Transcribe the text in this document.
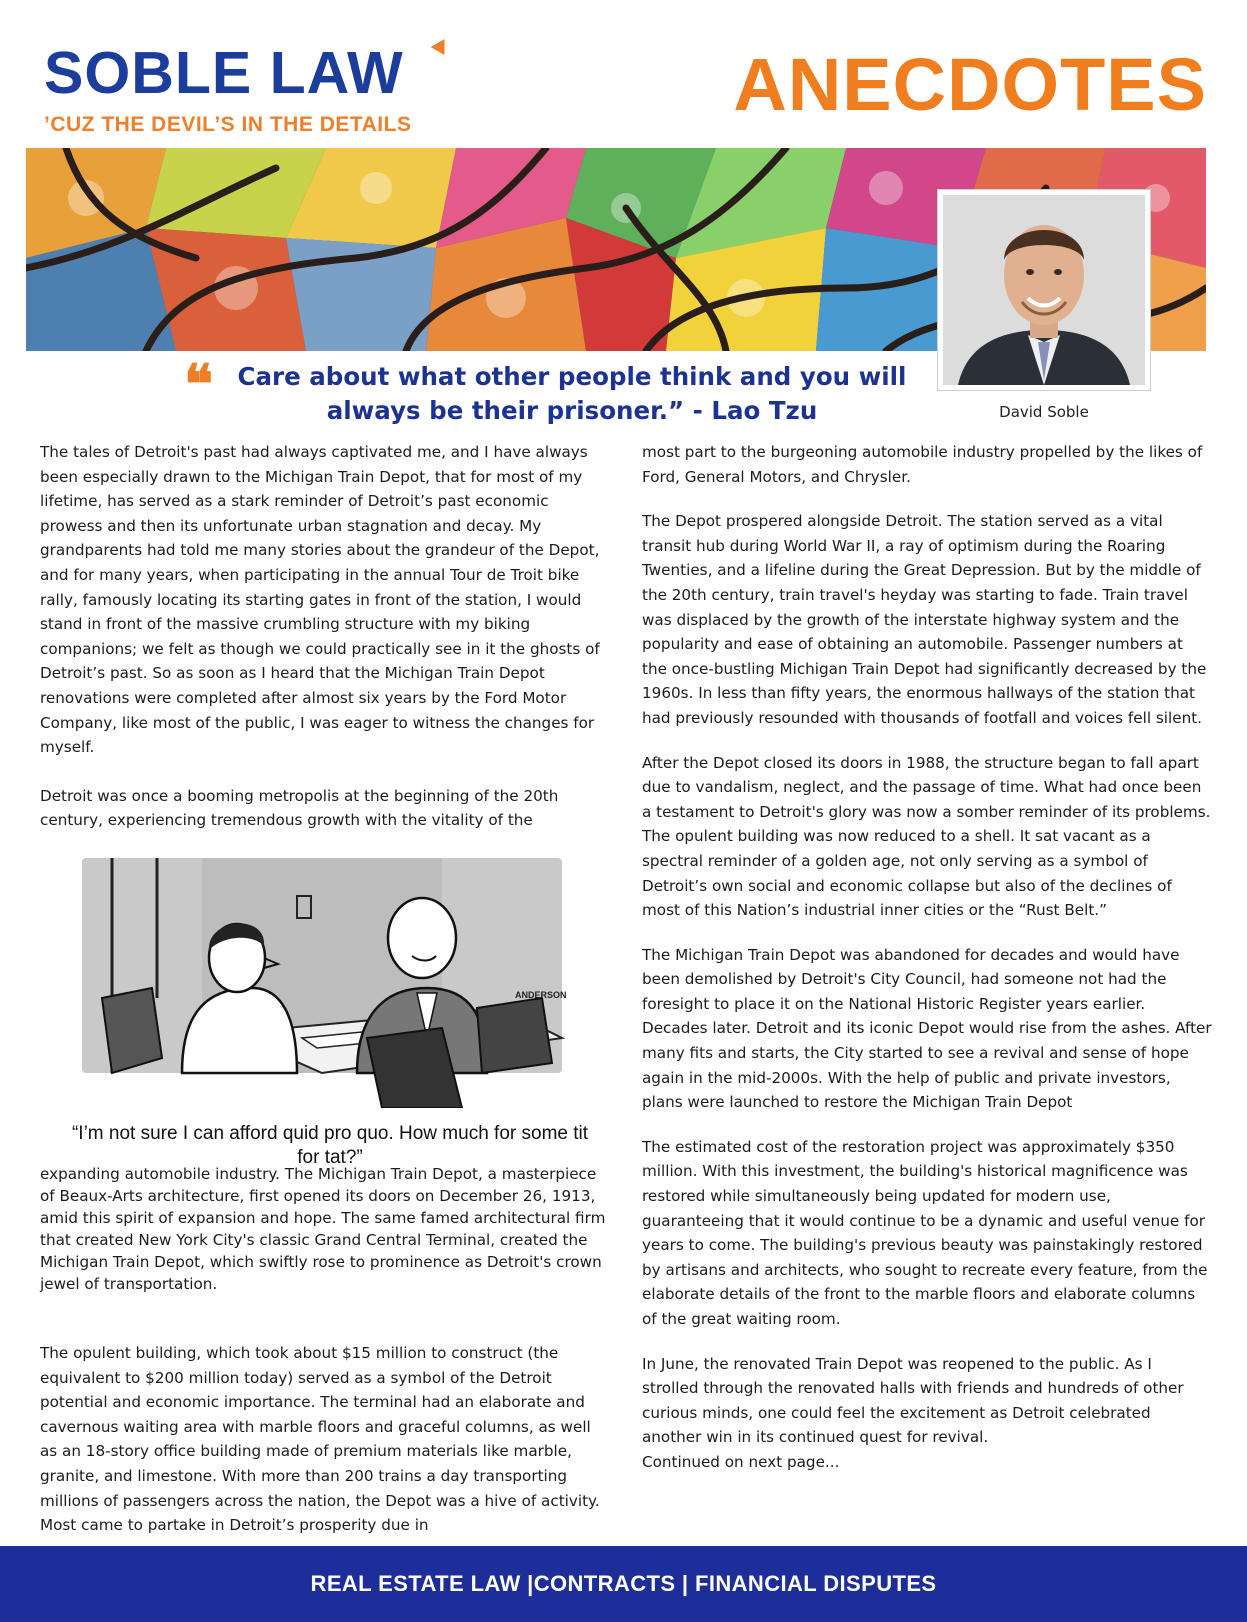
SOBLE LAW
’CUZ THE DEVIL’S IN THE DETAILS	ANECDOTES
David Soble
❝ Care about what other people think and you will
always be their prisoner.” - Lao Tzu

The tales of Detroit's past had always captivated me, and I have always been especially drawn to the Michigan Train Depot, that for most of my lifetime, has served as a stark reminder of Detroit’s past economic prowess and then its unfortunate urban stagnation and decay. My grandparents had told me many stories about the grandeur of the Depot, and for many years, when participating in the annual Tour de Troit bike rally, famously locating its starting gates in front of the station, I would stand in front of the massive crumbling structure with my biking companions; we felt as though we could practically see in it the ghosts of Detroit’s past. So as soon as I heard that the Michigan Train Depot renovations were completed after almost six years by the Ford Motor Company, like most of the public, I was eager to witness the changes for myself.

Detroit was once a booming metropolis at the beginning of the 20th century, experiencing tremendous growth with the vitality of the

ANDERSON
“I’m not sure I can afford quid pro quo. How much for some tit for tat?”

expanding automobile industry. The Michigan Train Depot, a masterpiece of Beaux-Arts architecture, first opened its doors on December 26, 1913, amid this spirit of expansion and hope. The same famed architectural firm that created New York City's classic Grand Central Terminal, created the Michigan Train Depot, which swiftly rose to prominence as Detroit's crown jewel of transportation.

The opulent building, which took about $15 million to construct (the equivalent to $200 million today) served as a symbol of the Detroit potential and economic importance. The terminal had an elaborate and cavernous waiting area with marble floors and graceful columns, as well as an 18-story office building made of premium materials like marble, granite, and limestone. With more than 200 trains a day transporting millions of passengers across the nation, the Depot was a hive of activity. Most came to partake in Detroit’s prosperity due in

most part to the burgeoning automobile industry propelled by the likes of Ford, General Motors, and Chrysler.

The Depot prospered alongside Detroit. The station served as a vital transit hub during World War II, a ray of optimism during the Roaring Twenties, and a lifeline during the Great Depression. But by the middle of the 20th century, train travel's heyday was starting to fade. Train travel was displaced by the growth of the interstate highway system and the popularity and ease of obtaining an automobile. Passenger numbers at the once-bustling Michigan Train Depot had significantly decreased by the 1960s. In less than fifty years, the enormous hallways of the station that had previously resounded with thousands of footfall and voices fell silent.

After the Depot closed its doors in 1988, the structure began to fall apart due to vandalism, neglect, and the passage of time. What had once been a testament to Detroit's glory was now a somber reminder of its problems. The opulent building was now reduced to a shell. It sat vacant as a spectral reminder of a golden age, not only serving as a symbol of Detroit’s own social and economic collapse but also of the declines of most of this Nation’s industrial inner cities or the “Rust Belt.”

The Michigan Train Depot was abandoned for decades and would have been demolished by Detroit's City Council, had someone not had the foresight to place it on the National Historic Register years earlier. Decades later. Detroit and its iconic Depot would rise from the ashes. After many fits and starts, the City started to see a revival and sense of hope again in the mid-2000s. With the help of public and private investors, plans were launched to restore the Michigan Train Depot

The estimated cost of the restoration project was approximately $350 million. With this investment, the building's historical magnificence was restored while simultaneously being updated for modern use, guaranteeing that it would continue to be a dynamic and useful venue for years to come. The building's previous beauty was painstakingly restored by artisans and architects, who sought to recreate every feature, from the elaborate details of the front to the marble floors and elaborate columns of the great waiting room.

In June, the renovated Train Depot was reopened to the public. As I strolled through the renovated halls with friends and hundreds of other curious minds, one could feel the excitement as Detroit celebrated another win in its continued quest for revival.

Continued on next page...

REAL ESTATE LAW |CONTRACTS | FINANCIAL DISPUTES
